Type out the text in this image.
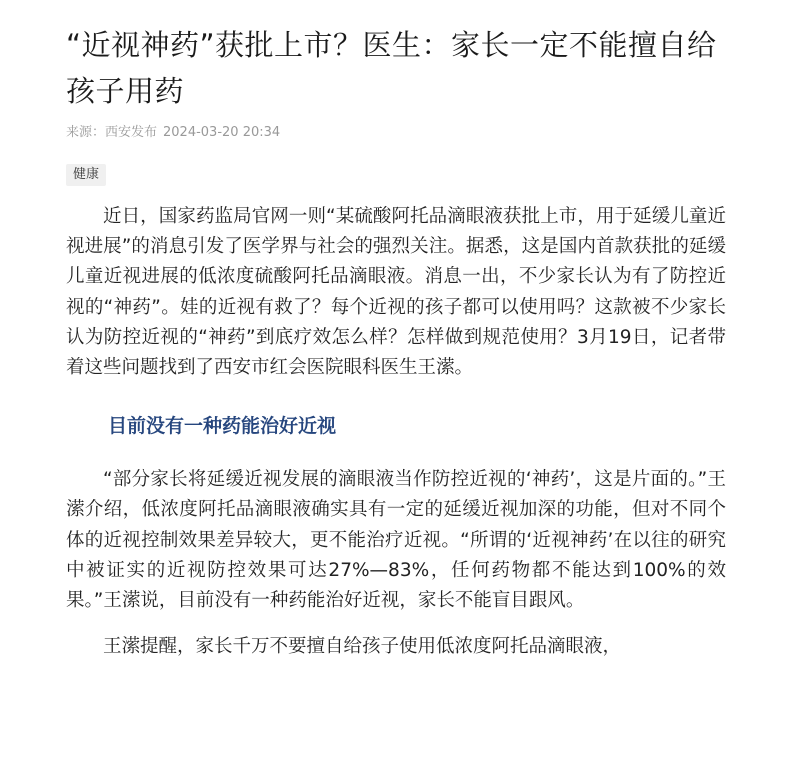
“近视神药”获批上市？医生：家长一定不能擅自给孩子用药
来源：西安发布 2024-03-20 20:34
健康

近日，国家药监局官网一则“某硫酸阿托品滴眼液获批上市，用于延缓儿童近视进展”的消息引发了医学界与社会的强烈关注。据悉，这是国内首款获批的延缓儿童近视进展的低浓度硫酸阿托品滴眼液。消息一出，不少家长认为有了防控近视的“神药”。娃的近视有救了？每个近视的孩子都可以使用吗？这款被不少家长认为防控近视的“神药”到底疗效怎么样？怎样做到规范使用？3月19日，记者带着这些问题找到了西安市红会医院眼科医生王潆。

目前没有一种药能治好近视

“部分家长将延缓近视发展的滴眼液当作防控近视的‘神药’，这是片面的。”王潆介绍，低浓度阿托品滴眼液确实具有一定的延缓近视加深的功能，但对不同个体的近视控制效果差异较大，更不能治疗近视。“所谓的‘近视神药’在以往的研究中被证实的近视防控效果可达27%—83%，任何药物都不能达到100%的效果。”王潆说，目前没有一种药能治好近视，家长不能盲目跟风。

王潆提醒，家长千万不要擅自给孩子使用低浓度阿托品滴眼液，
